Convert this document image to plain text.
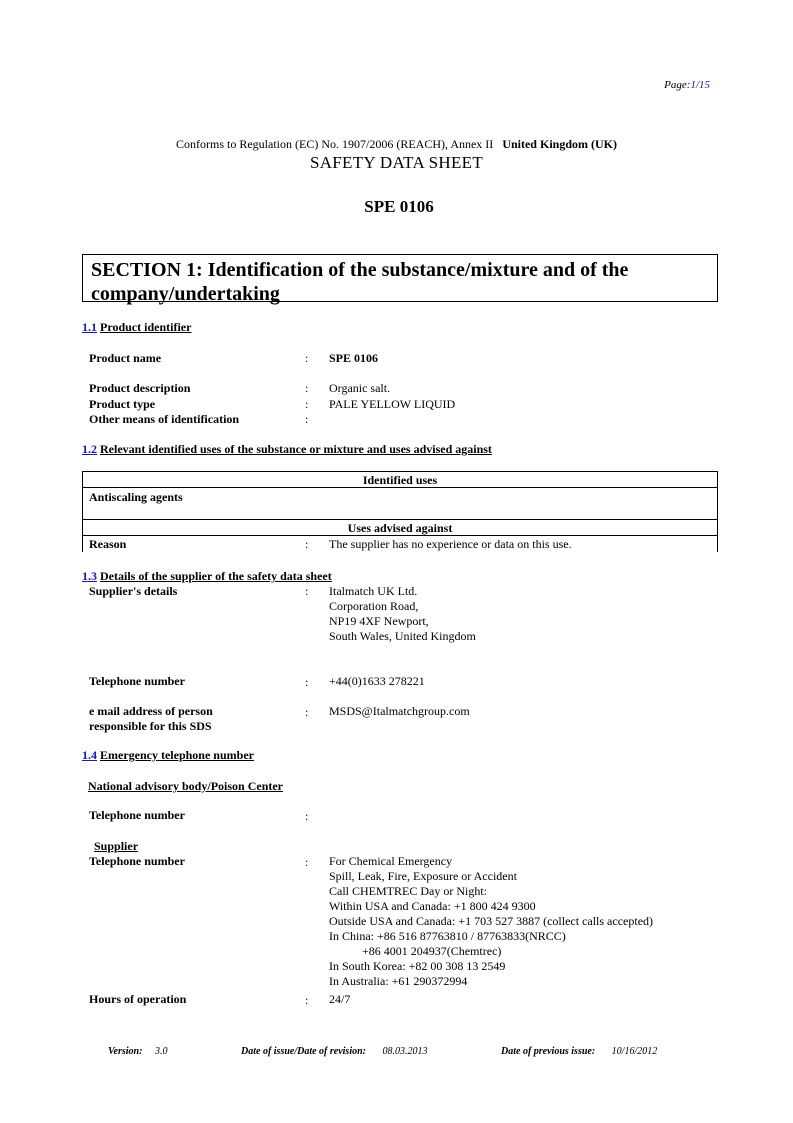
Page:1/15
Conforms to Regulation (EC) No. 1907/2006 (REACH), Annex II United Kingdom (UK)
SAFETY DATA SHEET
SPE 0106
SECTION 1: Identification of the substance/mixture and of the company/undertaking
1.1 Product identifier
Product name	: SPE 0106
Product description	: Organic salt.
Product type	: PALE YELLOW LIQUID
Other means of identification	:
1.2 Relevant identified uses of the substance or mixture and uses advised against
Identified uses
Antiscaling agents
Uses advised against
Reason	: The supplier has no experience or data on this use.
1.3 Details of the supplier of the safety data sheet
Supplier's details	: Italmatch UK Ltd.
Corporation Road,
NP19 4XF Newport,
South Wales, United Kingdom
Telephone number	: +44(0)1633 278221
e mail address of person
responsible for this SDS
: MSDS@Italmatchgroup.com
1.4 Emergency telephone number
National advisory body/Poison Center
Telephone number	:
Supplier
Telephone number	: For Chemical Emergency
Spill, Leak, Fire, Exposure or Accident
Call CHEMTREC Day or Night:
Within USA and Canada: +1 800 424 9300
Outside USA and Canada: +1 703 527 3887 (collect calls accepted)
In China: +86 516 87763810 / 87763833(NRCC)
+86 4001 204937(Chemtrec)
In South Korea: +82 00 308 13 2549
In Australia: +61 290372994
Hours of operation	: 24/7
Version: 3.0	Date of issue/Date of revision: 08.03.2013	Date of previous issue: 10/16/2012
